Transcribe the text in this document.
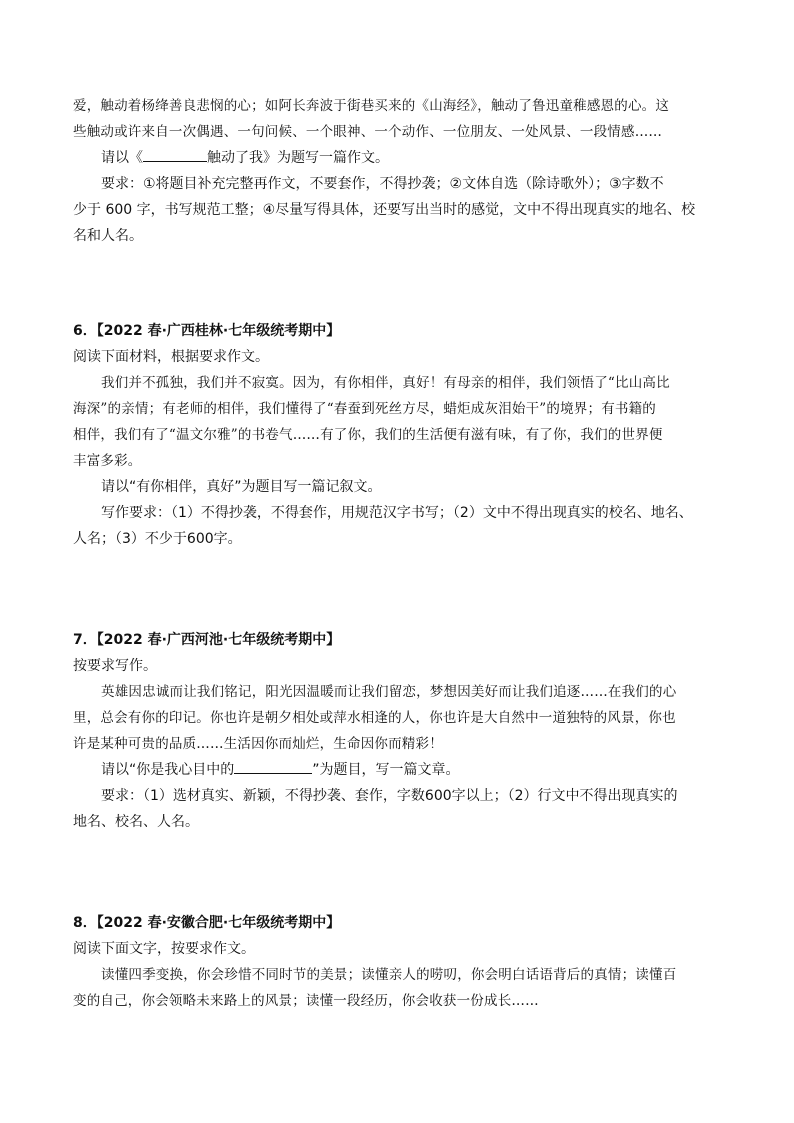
爱，触动着杨绛善良悲悯的心；如阿长奔波于街巷买来的《山海经》，触动了鲁迅童稚感恩的心。这
些触动或许来自一次偶遇、一句问候、一个眼神、一个动作、一位朋友、一处风景、一段情感……
请以《	触动了我》为题写一篇作文。
要求：①将题目补充完整再作文，不要套作，不得抄袭；②文体自选（除诗歌外）；③字数不
少于 600 字，书写规范工整；④尽量写得具体，还要写出当时的感觉，文中不得出现真实的地名、校
名和人名。
6．【2022 春·广西桂林·七年级统考期中】
阅读下面材料，根据要求作文。
我们并不孤独，我们并不寂寞。因为，有你相伴，真好！有母亲的相伴，我们领悟了“比山高比
海深”的亲情；有老师的相伴，我们懂得了“春蚕到死丝方尽，蜡炬成灰泪始干”的境界；有书籍的
相伴，我们有了“温文尔雅”的书卷气……有了你，我们的生活便有滋有味，有了你，我们的世界便
丰富多彩。
请以“有你相伴，真好”为题目写一篇记叙文。
写作要求：（1）不得抄袭，不得套作，用规范汉字书写；（2）文中不得出现真实的校名、地名、
人名；（3）不少于600字。
7．【2022 春·广西河池·七年级统考期中】
按要求写作。
英雄因忠诚而让我们铭记，阳光因温暖而让我们留恋，梦想因美好而让我们追逐……在我们的心
里，总会有你的印记。你也许是朝夕相处或萍水相逢的人，你也许是大自然中一道独特的风景，你也
许是某种可贵的品质……生活因你而灿烂，生命因你而精彩！
请以“你是我心目中的	”为题目，写一篇文章。
要求：（1）选材真实、新颖，不得抄袭、套作，字数600字以上；（2）行文中不得出现真实的
地名、校名、人名。
8．【2022 春·安徽合肥·七年级统考期中】
阅读下面文字，按要求作文。
读懂四季变换，你会珍惜不同时节的美景；读懂亲人的唠叨，你会明白话语背后的真情；读懂百
变的自己，你会领略未来路上的风景；读懂一段经历，你会收获一份成长……
